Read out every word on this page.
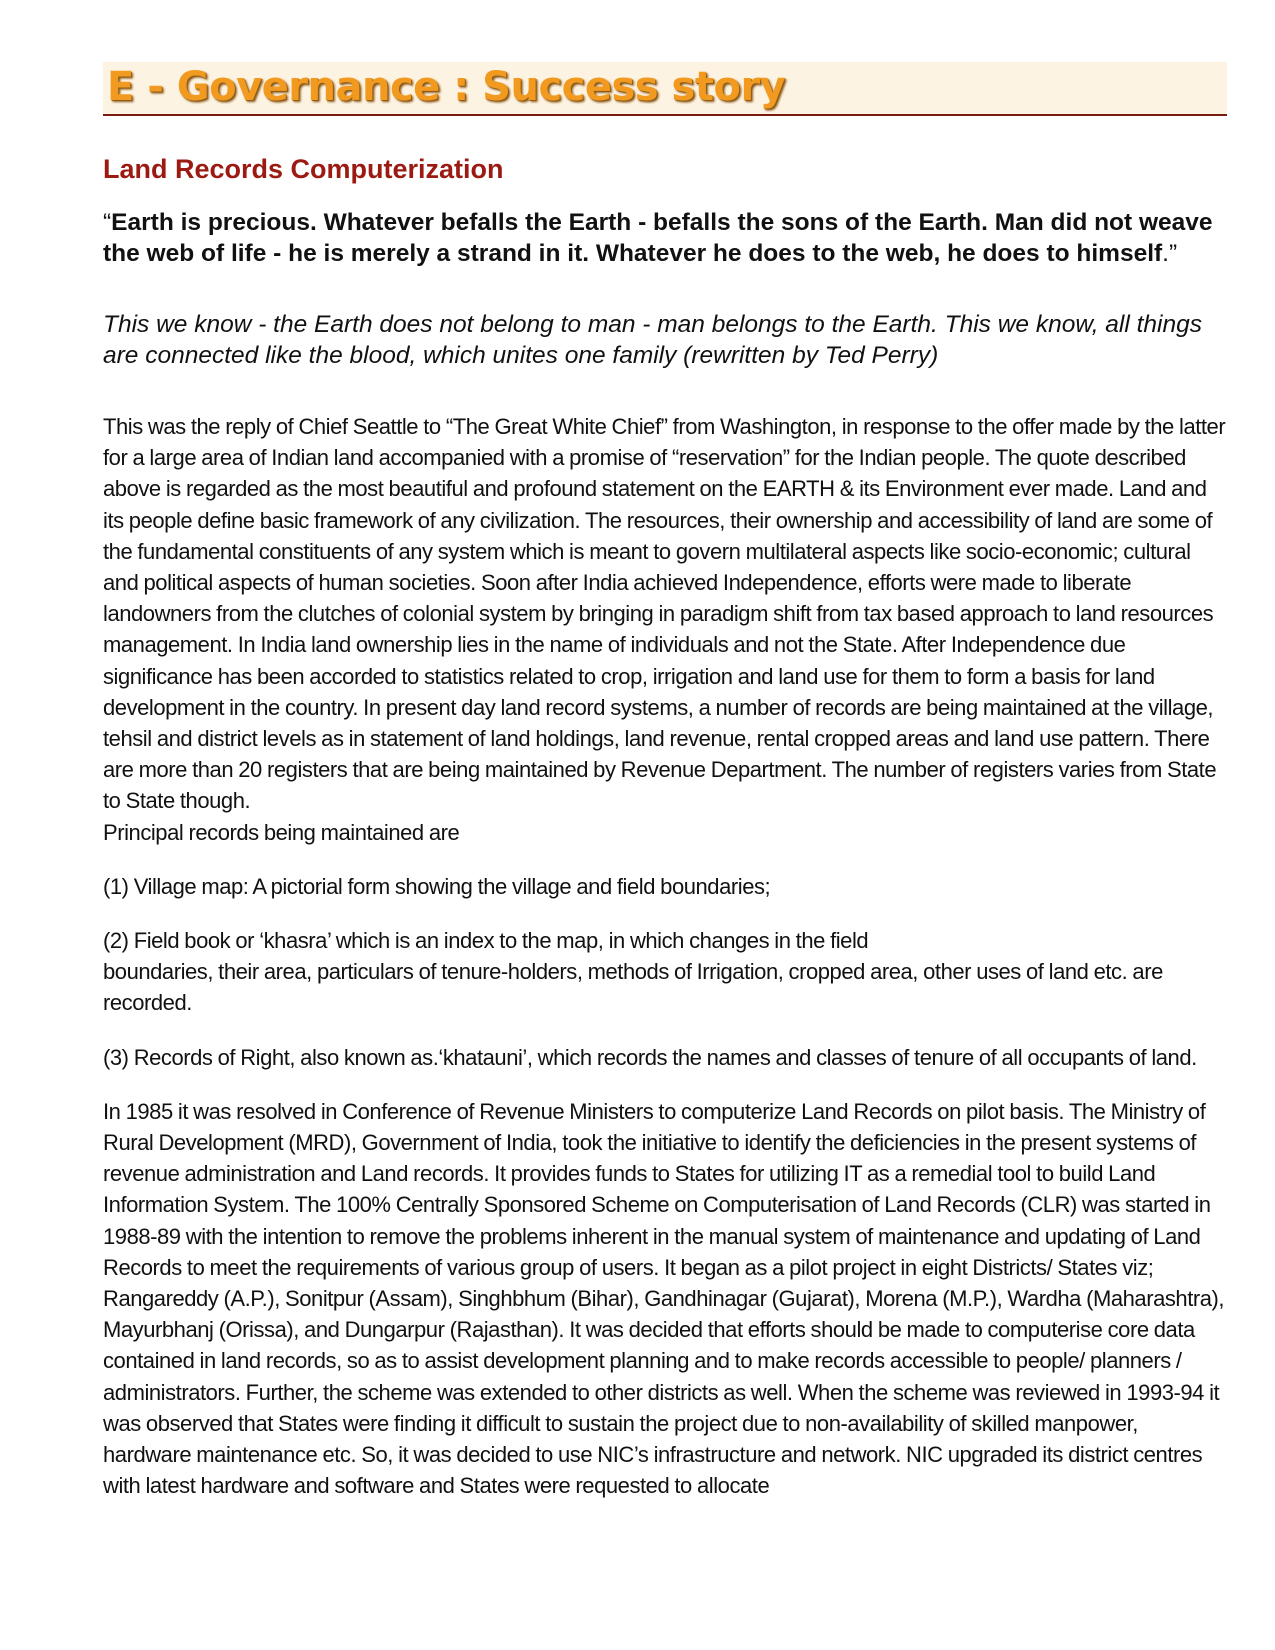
E - Governance : Success story
Land Records Computerization

“Earth is precious. Whatever befalls the Earth - befalls the sons of the Earth. Man did not weave the web of life - he is merely a strand in it. Whatever he does to the web, he does to himself.”

This we know - the Earth does not belong to man - man belongs to the Earth. This we know, all things are connected like the blood, which unites one family (rewritten by Ted Perry)

This was the reply of Chief Seattle to “The Great White Chief” from Washington, in response to the offer made by the latter for a large area of Indian land accompanied with a promise of “reservation” for the Indian people. The quote described above is regarded as the most beautiful and profound statement on the EARTH & its Environment ever made. Land and its people define basic framework of any civilization. The resources, their ownership and accessibility of land are some of the fundamental constituents of any system which is meant to govern multilateral aspects like socio-economic; cultural and political aspects of human societies. Soon after India achieved Independence, efforts were made to liberate landowners from the clutches of colonial system by bringing in paradigm shift from tax based approach to land resources management. In India land ownership lies in the name of individuals and not the State. After Independence due significance has been accorded to statistics related to crop, irrigation and land use for them to form a basis for land development in the country. In present day land record systems, a number of records are being maintained at the village, tehsil and district levels as in statement of land holdings, land revenue, rental cropped areas and land use pattern. There are more than 20 registers that are being maintained by Revenue Department. The number of registers varies from State to State though.

Principal records being maintained are

(1) Village map: A pictorial form showing the village and field boundaries;

(2) Field book or ‘khasra’ which is an index to the map, in which changes in the field
boundaries, their area, particulars of tenure-holders, methods of Irrigation, cropped area, other uses of land etc. are recorded.

(3) Records of Right, also known as.‘khatauni’, which records the names and classes of tenure of all occupants of land.

In 1985 it was resolved in Conference of Revenue Ministers to computerize Land Records on pilot basis. The Ministry of Rural Development (MRD), Government of India, took the initiative to identify the deficiencies in the present systems of revenue administration and Land records. It provides funds to States for utilizing IT as a remedial tool to build Land Information System. The 100% Centrally Sponsored Scheme on Computerisation of Land Records (CLR) was started in 1988-89 with the intention to remove the problems inherent in the manual system of maintenance and updating of Land Records to meet the requirements of various group of users. It began as a pilot project in eight Districts/ States viz; Rangareddy (A.P.), Sonitpur (Assam), Singhbhum (Bihar), Gandhinagar (Gujarat), Morena (M.P.), Wardha (Maharashtra), Mayurbhanj (Orissa), and Dungarpur (Rajasthan). It was decided that efforts should be made to computerise core data contained in land records, so as to assist development planning and to make records accessible to people/ planners / administrators. Further, the scheme was extended to other districts as well. When the scheme was reviewed in 1993-94 it was observed that States were finding it difficult to sustain the project due to non-availability of skilled manpower, hardware maintenance etc. So, it was decided to use NIC’s infrastructure and network. NIC upgraded its district centres with latest hardware and software and States were requested to allocate
